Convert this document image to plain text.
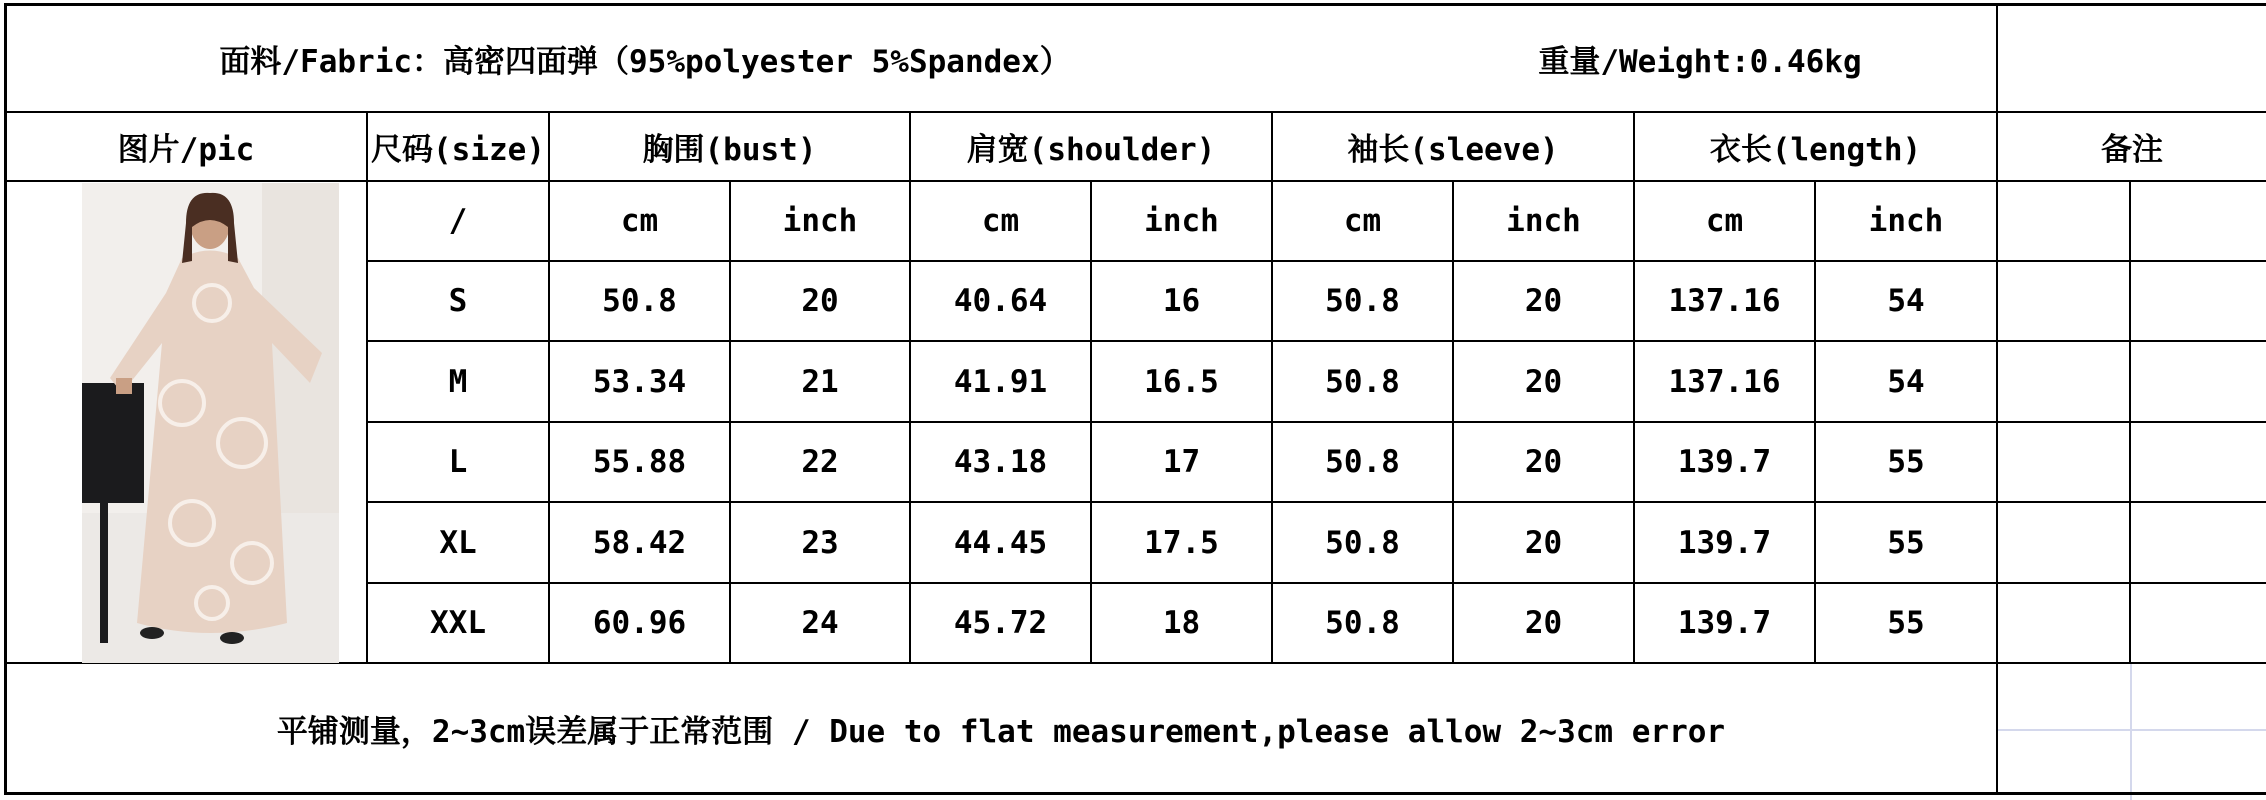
面料/Fabric：高密四面弹（95%polyester 5%Spandex）	重量/Weight:0.46kg
图片/pic	尺码(size)	胸围(bust)	肩宽(shoulder)	袖长(sleeve)	衣长(length)	备注
/	cm	inch	cm	inch	cm	inch	cm	inch
S	50.8	20	40.64	16	50.8	20	137.16	54
M	53.34	21	41.91	16.5	50.8	20	137.16	54
L	55.88	22	43.18	17	50.8	20	139.7	55
XL	58.42	23	44.45	17.5	50.8	20	139.7	55
XXL	60.96	24	45.72	18	50.8	20	139.7	55
平铺测量，2~3cm误差属于正常范围 / Due to flat measurement,please allow 2~3cm error
